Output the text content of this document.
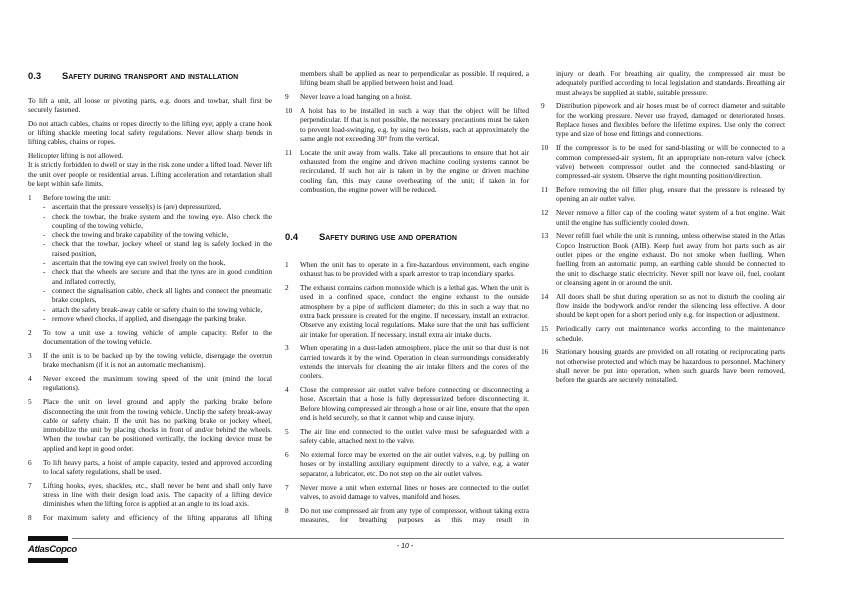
0.3	Safety during transport and installation
To lift a unit, all loose or pivoting parts, e.g. doors and towbar, shall first be securely fastened.
Do not attach cables, chains or ropes directly to the lifting eye; apply a crane hook or lifting shackle meeting local safety regulations. Never allow sharp bends in lifting cables, chains or ropes.
Helicopter lifting is not allowed.
It is strictly forbidden to dwell or stay in the risk zone under a lifted load. Never lift the unit over people or residential areas. Lifting acceleration and retardation shall be kept within safe limits.
1	Before towing the unit:
- ascertain that the pressure vessel(s) is (are) depressurized,
- check the towbar, the brake system and the towing eye. Also check the coupling of the towing vehicle,
- check the towing and brake capability of the towing vehicle,
- check that the towbar, jockey wheel or stand leg is safely locked in the raised position,
- ascertain that the towing eye can swivel freely on the hook,
- check that the wheels are secure and that the tyres are in good condition and inflated correctly,
- connect the signalisation cable, check all lights and connect the pneumatic brake couplers,
- attach the safety break-away cable or safety chain to the towing vehicle,
- remove wheel chocks, if applied, and disengage the parking brake.
2	To tow a unit use a towing vehicle of ample capacity. Refer to the documentation of the towing vehicle.
3	If the unit is to be backed up by the towing vehicle, disengage the overrun brake mechanism (if it is not an automatic mechanism).
4	Never exceed the maximum towing speed of the unit (mind the local regulations).
5	Place the unit on level ground and apply the parking brake before disconnecting the unit from the towing vehicle. Unclip the safety break-away cable or safety chain. If the unit has no parking brake or jockey wheel, immobilize the unit by placing chocks in front of and/or behind the wheels. When the towbar can be positioned vertically, the locking device must be applied and kept in good order.
6	To lift heavy parts, a hoist of ample capacity, tested and approved according to local safety regulations, shall be used.
7	Lifting hooks, eyes, shackles, etc., shall never be bent and shall only have stress in line with their design load axis. The capacity of a lifting device diminishes when the lifting force is applied at an angle to its load axis.
8	For maximum safety and efficiency of the lifting apparatus all lifting
members shall be applied as near to perpendicular as possible. If required, a lifting beam shall be applied between hoist and load.
9	Never leave a load hanging on a hoist.
10	A hoist has to be installed in such a way that the object will be lifted perpendicular. If that is not possible, the necessary precautions must be taken to prevent load-swinging, e.g. by using two hoists, each at approximately the same angle not exceeding 30° from the vertical.
11	Locate the unit away from walls. Take all precautions to ensure that hot air exhausted from the engine and driven machine cooling systems cannot be recirculated. If such hot air is taken in by the engine or driven machine cooling fan, this may cause overheating of the unit; if taken in for combustion, the engine power will be reduced.
0.4	Safety during use and operation
1	When the unit has to operate in a fire-hazardous environment, each engine exhaust has to be provided with a spark arrestor to trap incendiary sparks.
2	The exhaust contains carbon monoxide which is a lethal gas. When the unit is used in a confined space, conduct the engine exhaust to the outside atmosphere by a pipe of sufficient diameter; do this in such a way that no extra back pressure is created for the engine. If necessary, install an extractor. Observe any existing local regulations. Make sure that the unit has sufficient air intake for operation. If necessary, install extra air intake ducts.
3	When operating in a dust-laden atmosphere, place the unit so that dust is not carried towards it by the wind. Operation in clean surroundings considerably extends the intervals for cleaning the air intake filters and the cores of the coolers.
4	Close the compressor air outlet valve before connecting or disconnecting a hose. Ascertain that a hose is fully depressurized before disconnecting it. Before blowing compressed air through a hose or air line, ensure that the open end is held securely, so that it cannot whip and cause injury.
5	The air line end connected to the outlet valve must be safeguarded with a safety cable, attached next to the valve.
6	No external force may be exerted on the air outlet valves, e.g. by pulling on hoses or by installing auxiliary equipment directly to a valve, e.g. a water separator, a lubricator, etc. Do not step on the air outlet valves.
7	Never move a unit when external lines or hoses are connected to the outlet valves, to avoid damage to valves, manifold and hoses.
8	Do not use compressed air from any type of compressor, without taking extra measures, for breathing purposes as this may result in
injury or death. For breathing air quality, the compressed air must be adequately purified according to local legislation and standards. Breathing air must always be supplied at stable, suitable pressure.
9	Distribution pipework and air hoses must be of correct diameter and suitable for the working pressure. Never use frayed, damaged or deteriorated hoses. Replace hoses and flexibles before the lifetime expires. Use only the correct type and size of hose end fittings and connections.
10	If the compressor is to be used for sand-blasting or will be connected to a common compressed-air system, fit an appropriate non-return valve (check valve) between compressor outlet and the connected sand-blasting or compressed-air system. Observe the right mounting position/direction.
11	Before removing the oil filler plug, ensure that the pressure is released by opening an air outlet valve.
12	Never remove a filler cap of the cooling water system of a hot engine. Wait until the engine has sufficiently cooled down.
13	Never refill fuel while the unit is running, unless otherwise stated in the Atlas Copco Instruction Book (AIB). Keep fuel away from hot parts such as air outlet pipes or the engine exhaust. Do not smoke when fuelling. When fuelling from an automatic pump, an earthing cable should be connected to the unit to discharge static electricity. Never spill nor leave oil, fuel, coolant or cleansing agent in or around the unit.
14	All doors shall be shut during operation so as not to disturb the cooling air flow inside the bodywork and/or render the silencing less effective. A door should be kept open for a short period only e.g. for inspection or adjustment.
15	Periodically carry out maintenance works according to the maintenance schedule.
16	Stationary housing guards are provided on all rotating or reciprocating parts not otherwise protected and which may be hazardous to personnel. Machinery shall never be put into operation, when such guards have been removed, before the guards are securely reinstalled.
AtlasCopco	- 10 -
